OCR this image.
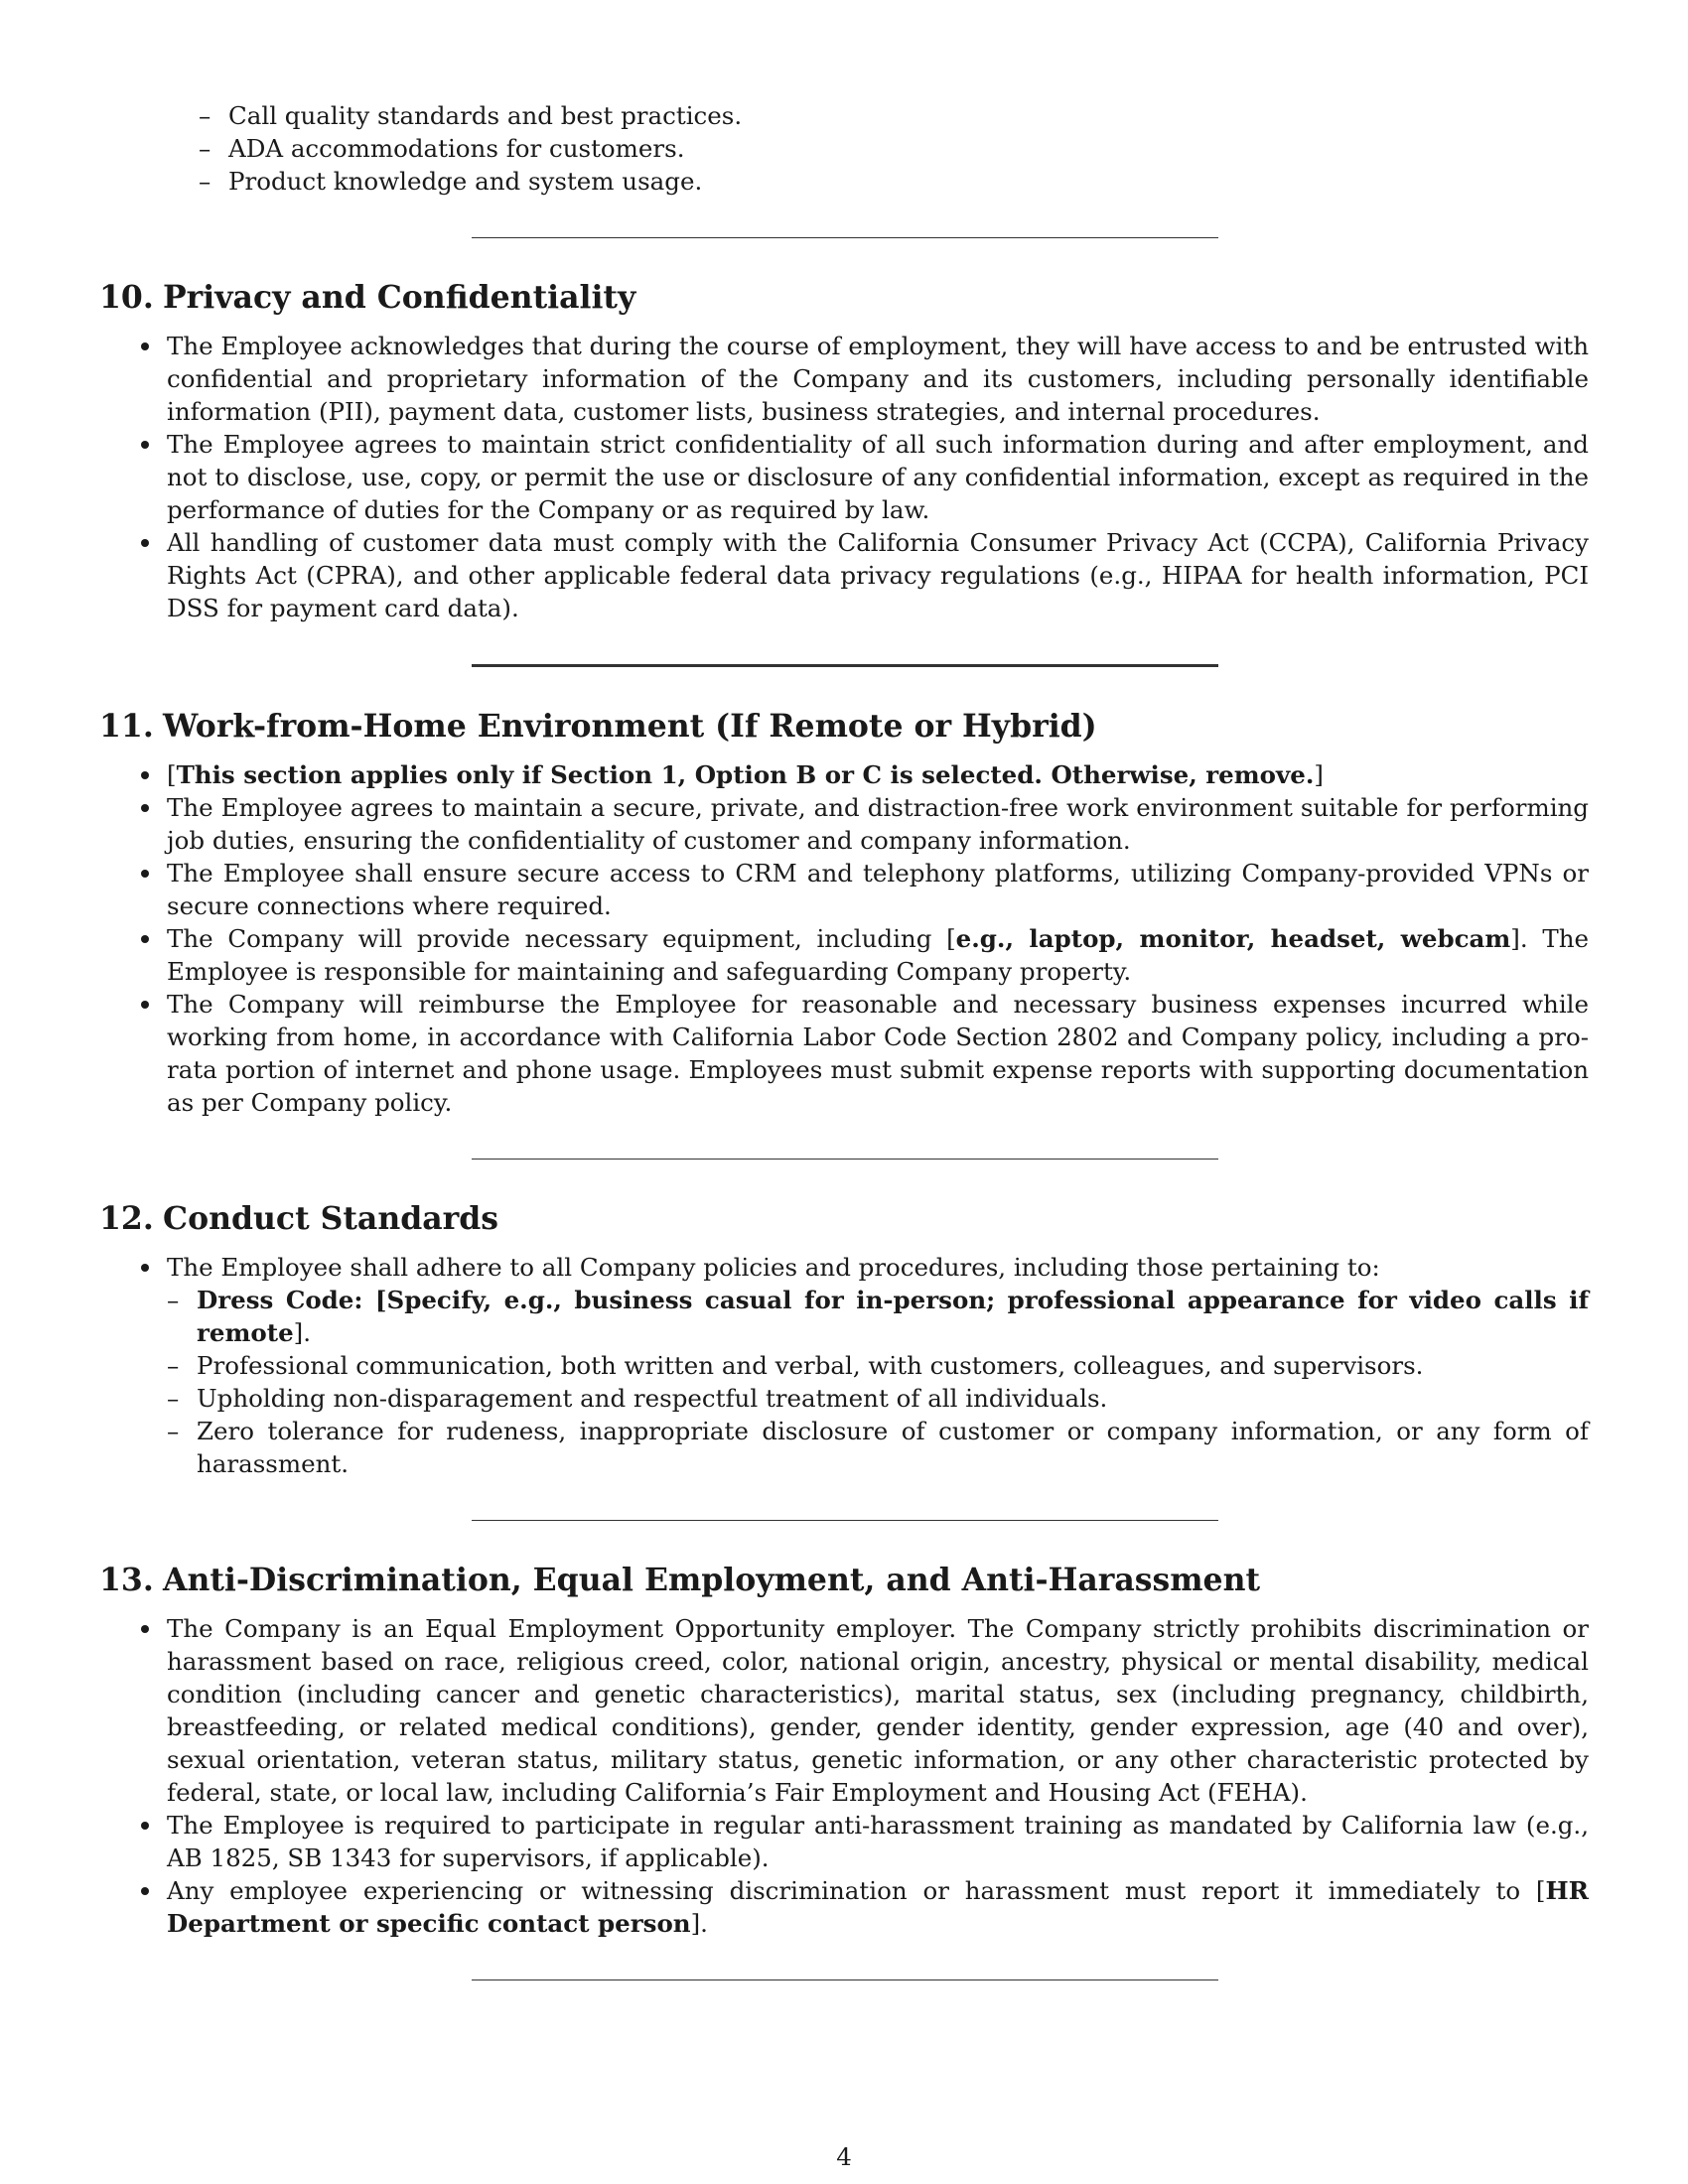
– Call quality standards and best practices.
– ADA accommodations for customers.
– Product knowledge and system usage.
10. Privacy and Confidentiality
The Employee acknowledges that during the course of employment, they will have access to and be entrusted with confidential and proprietary information of the Company and its customers, including personally identifiable information (PII), payment data, customer lists, business strategies, and internal procedures.
The Employee agrees to maintain strict confidentiality of all such information during and after employment, and not to disclose, use, copy, or permit the use or disclosure of any confidential information, except as required in the performance of duties for the Company or as required by law.
All handling of customer data must comply with the California Consumer Privacy Act (CCPA), California Privacy Rights Act (CPRA), and other applicable federal data privacy regulations (e.g., HIPAA for health information, PCI DSS for payment card data).
11. Work-from-Home Environment (If Remote or Hybrid)
[This section applies only if Section 1, Option B or C is selected. Otherwise, remove.]
The Employee agrees to maintain a secure, private, and distraction-free work environment suitable for performing job duties, ensuring the confidentiality of customer and company information.
The Employee shall ensure secure access to CRM and telephony platforms, utilizing Company-provided VPNs or secure connections where required.
The Company will provide necessary equipment, including [e.g., laptop, monitor, headset, webcam]. The Employee is responsible for maintaining and safeguarding Company property.
The Company will reimburse the Employee for reasonable and necessary business expenses incurred while working from home, in accordance with California Labor Code Section 2802 and Company policy, including a pro-rata portion of internet and phone usage. Employees must submit expense reports with supporting documentation as per Company policy.
12. Conduct Standards
The Employee shall adhere to all Company policies and procedures, including those pertaining to:
– Dress Code: [Specify, e.g., business casual for in-person; professional appearance for video calls if remote].
– Professional communication, both written and verbal, with customers, colleagues, and supervisors.
– Upholding non-disparagement and respectful treatment of all individuals.
– Zero tolerance for rudeness, inappropriate disclosure of customer or company information, or any form of harassment.
13. Anti-Discrimination, Equal Employment, and Anti-Harassment
The Company is an Equal Employment Opportunity employer. The Company strictly prohibits discrimination or harassment based on race, religious creed, color, national origin, ancestry, physical or mental disability, medical condition (including cancer and genetic characteristics), marital status, sex (including pregnancy, childbirth, breastfeeding, or related medical conditions), gender, gender identity, gender expression, age (40 and over), sexual orientation, veteran status, military status, genetic information, or any other characteristic protected by federal, state, or local law, including California’s Fair Employment and Housing Act (FEHA).
The Employee is required to participate in regular anti-harassment training as mandated by California law (e.g., AB 1825, SB 1343 for supervisors, if applicable).
Any employee experiencing or witnessing discrimination or harassment must report it immediately to [HR Department or specific contact person].
4
